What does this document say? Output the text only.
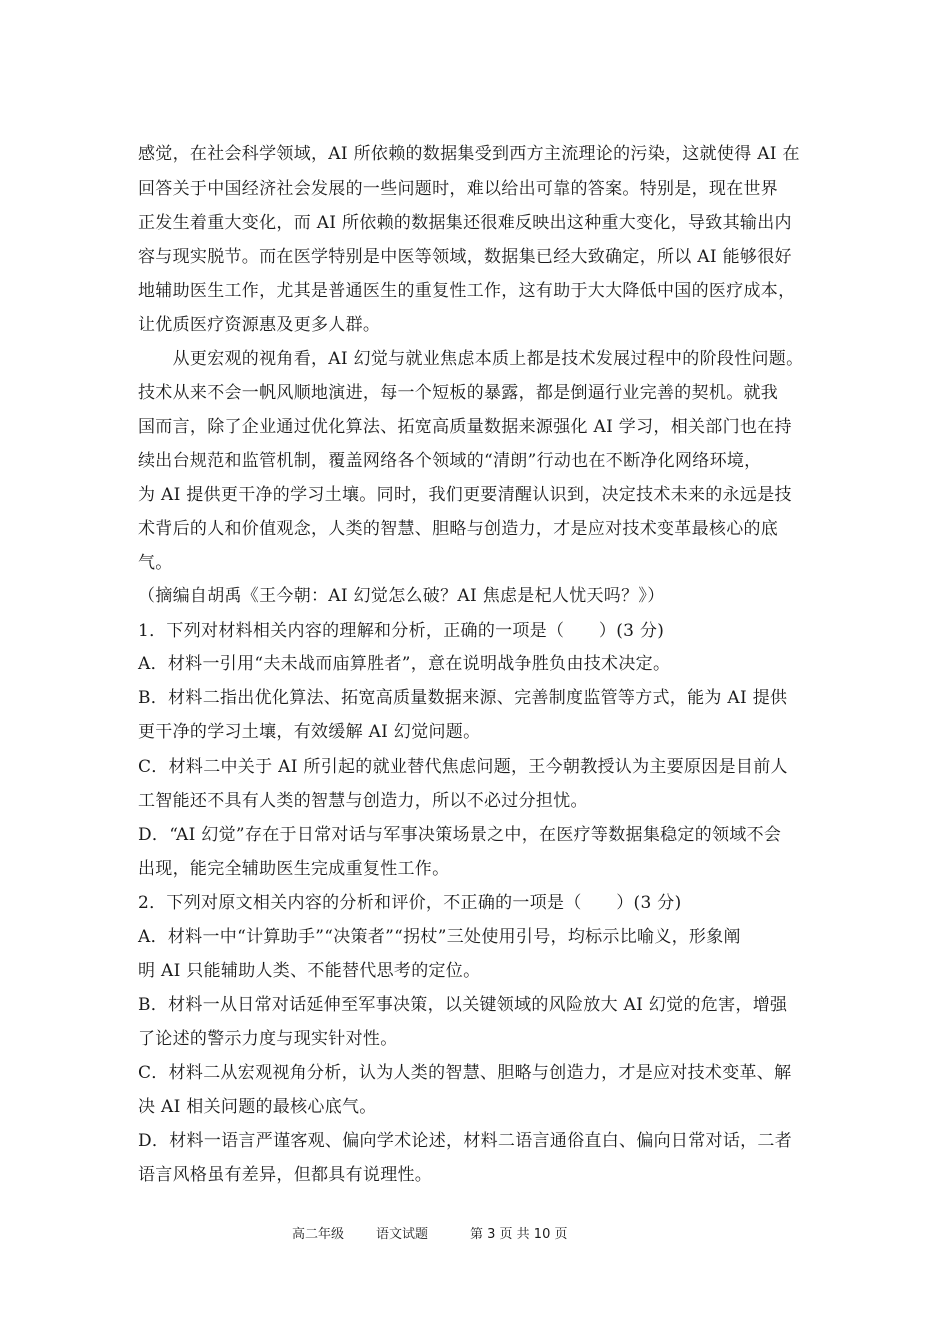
感觉，在社会科学领域，AI 所依赖的数据集受到西方主流理论的污染，这就使得 AI 在
回答关于中国经济社会发展的一些问题时，难以给出可靠的答案。特别是，现在世界
正发生着重大变化，而 AI 所依赖的数据集还很难反映出这种重大变化，导致其输出内
容与现实脱节。而在医学特别是中医等领域，数据集已经大致确定，所以 AI 能够很好
地辅助医生工作，尤其是普通医生的重复性工作，这有助于大大降低中国的医疗成本，
让优质医疗资源惠及更多人群。
　　从更宏观的视角看，AI 幻觉与就业焦虑本质上都是技术发展过程中的阶段性问题。
技术从来不会一帆风顺地演进，每一个短板的暴露，都是倒逼行业完善的契机。就我
国而言，除了企业通过优化算法、拓宽高质量数据来源强化 AI 学习，相关部门也在持
续出台规范和监管机制，覆盖网络各个领域的“清朗”行动也在不断净化网络环境，
为 AI 提供更干净的学习土壤。同时，我们更要清醒认识到，决定技术未来的永远是技
术背后的人和价值观念，人类的智慧、胆略与创造力，才是应对技术变革最核心的底
气。
（摘编自胡禹《王今朝：AI 幻觉怎么破？AI 焦虑是杞人忧天吗？》）
1．下列对材料相关内容的理解和分析，正确的一项是（　　）(3 分)
A．材料一引用“夫未战而庙算胜者”，意在说明战争胜负由技术决定。
B．材料二指出优化算法、拓宽高质量数据来源、完善制度监管等方式，能为 AI 提供
更干净的学习土壤，有效缓解 AI 幻觉问题。
C．材料二中关于 AI 所引起的就业替代焦虑问题，王今朝教授认为主要原因是目前人
工智能还不具有人类的智慧与创造力，所以不必过分担忧。
D．“AI 幻觉”存在于日常对话与军事决策场景之中，在医疗等数据集稳定的领域不会
出现，能完全辅助医生完成重复性工作。
2．下列对原文相关内容的分析和评价，不正确的一项是（　　）(3 分)
A．材料一中“计算助手”“决策者”“拐杖”三处使用引号，均标示比喻义，形象阐
明 AI 只能辅助人类、不能替代思考的定位。
B．材料一从日常对话延伸至军事决策，以关键领域的风险放大 AI 幻觉的危害，增强
了论述的警示力度与现实针对性。
C．材料二从宏观视角分析，认为人类的智慧、胆略与创造力，才是应对技术变革、解
决 AI 相关问题的最核心底气。
D．材料一语言严谨客观、偏向学术论述，材料二语言通俗直白、偏向日常对话，二者
语言风格虽有差异，但都具有说理性。
高二年级 语文试题	第 3 页 共 10 页
